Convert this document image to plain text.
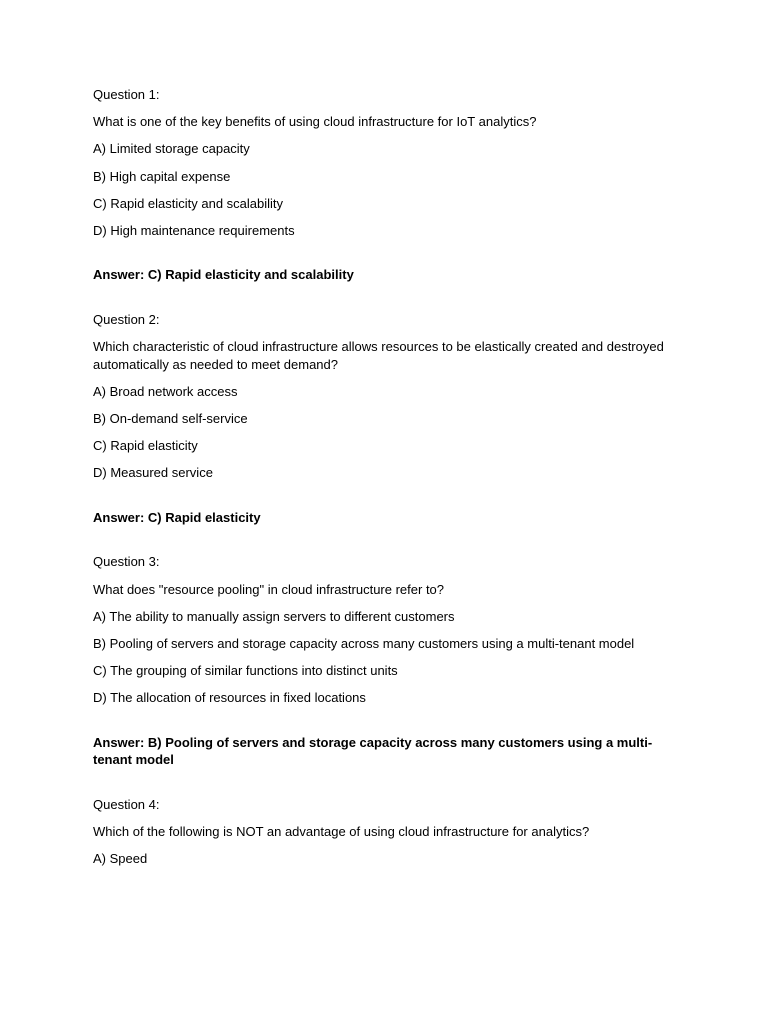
Question 1:
What is one of the key benefits of using cloud infrastructure for IoT analytics?
A) Limited storage capacity
B) High capital expense
C) Rapid elasticity and scalability
D) High maintenance requirements
Answer: C) Rapid elasticity and scalability
Question 2:
Which characteristic of cloud infrastructure allows resources to be elastically created and destroyed automatically as needed to meet demand?
A) Broad network access
B) On-demand self-service
C) Rapid elasticity
D) Measured service
Answer: C) Rapid elasticity
Question 3:
What does "resource pooling" in cloud infrastructure refer to?
A) The ability to manually assign servers to different customers
B) Pooling of servers and storage capacity across many customers using a multi-tenant model
C) The grouping of similar functions into distinct units
D) The allocation of resources in fixed locations
Answer: B) Pooling of servers and storage capacity across many customers using a multi-tenant model
Question 4:
Which of the following is NOT an advantage of using cloud infrastructure for analytics?
A) Speed
